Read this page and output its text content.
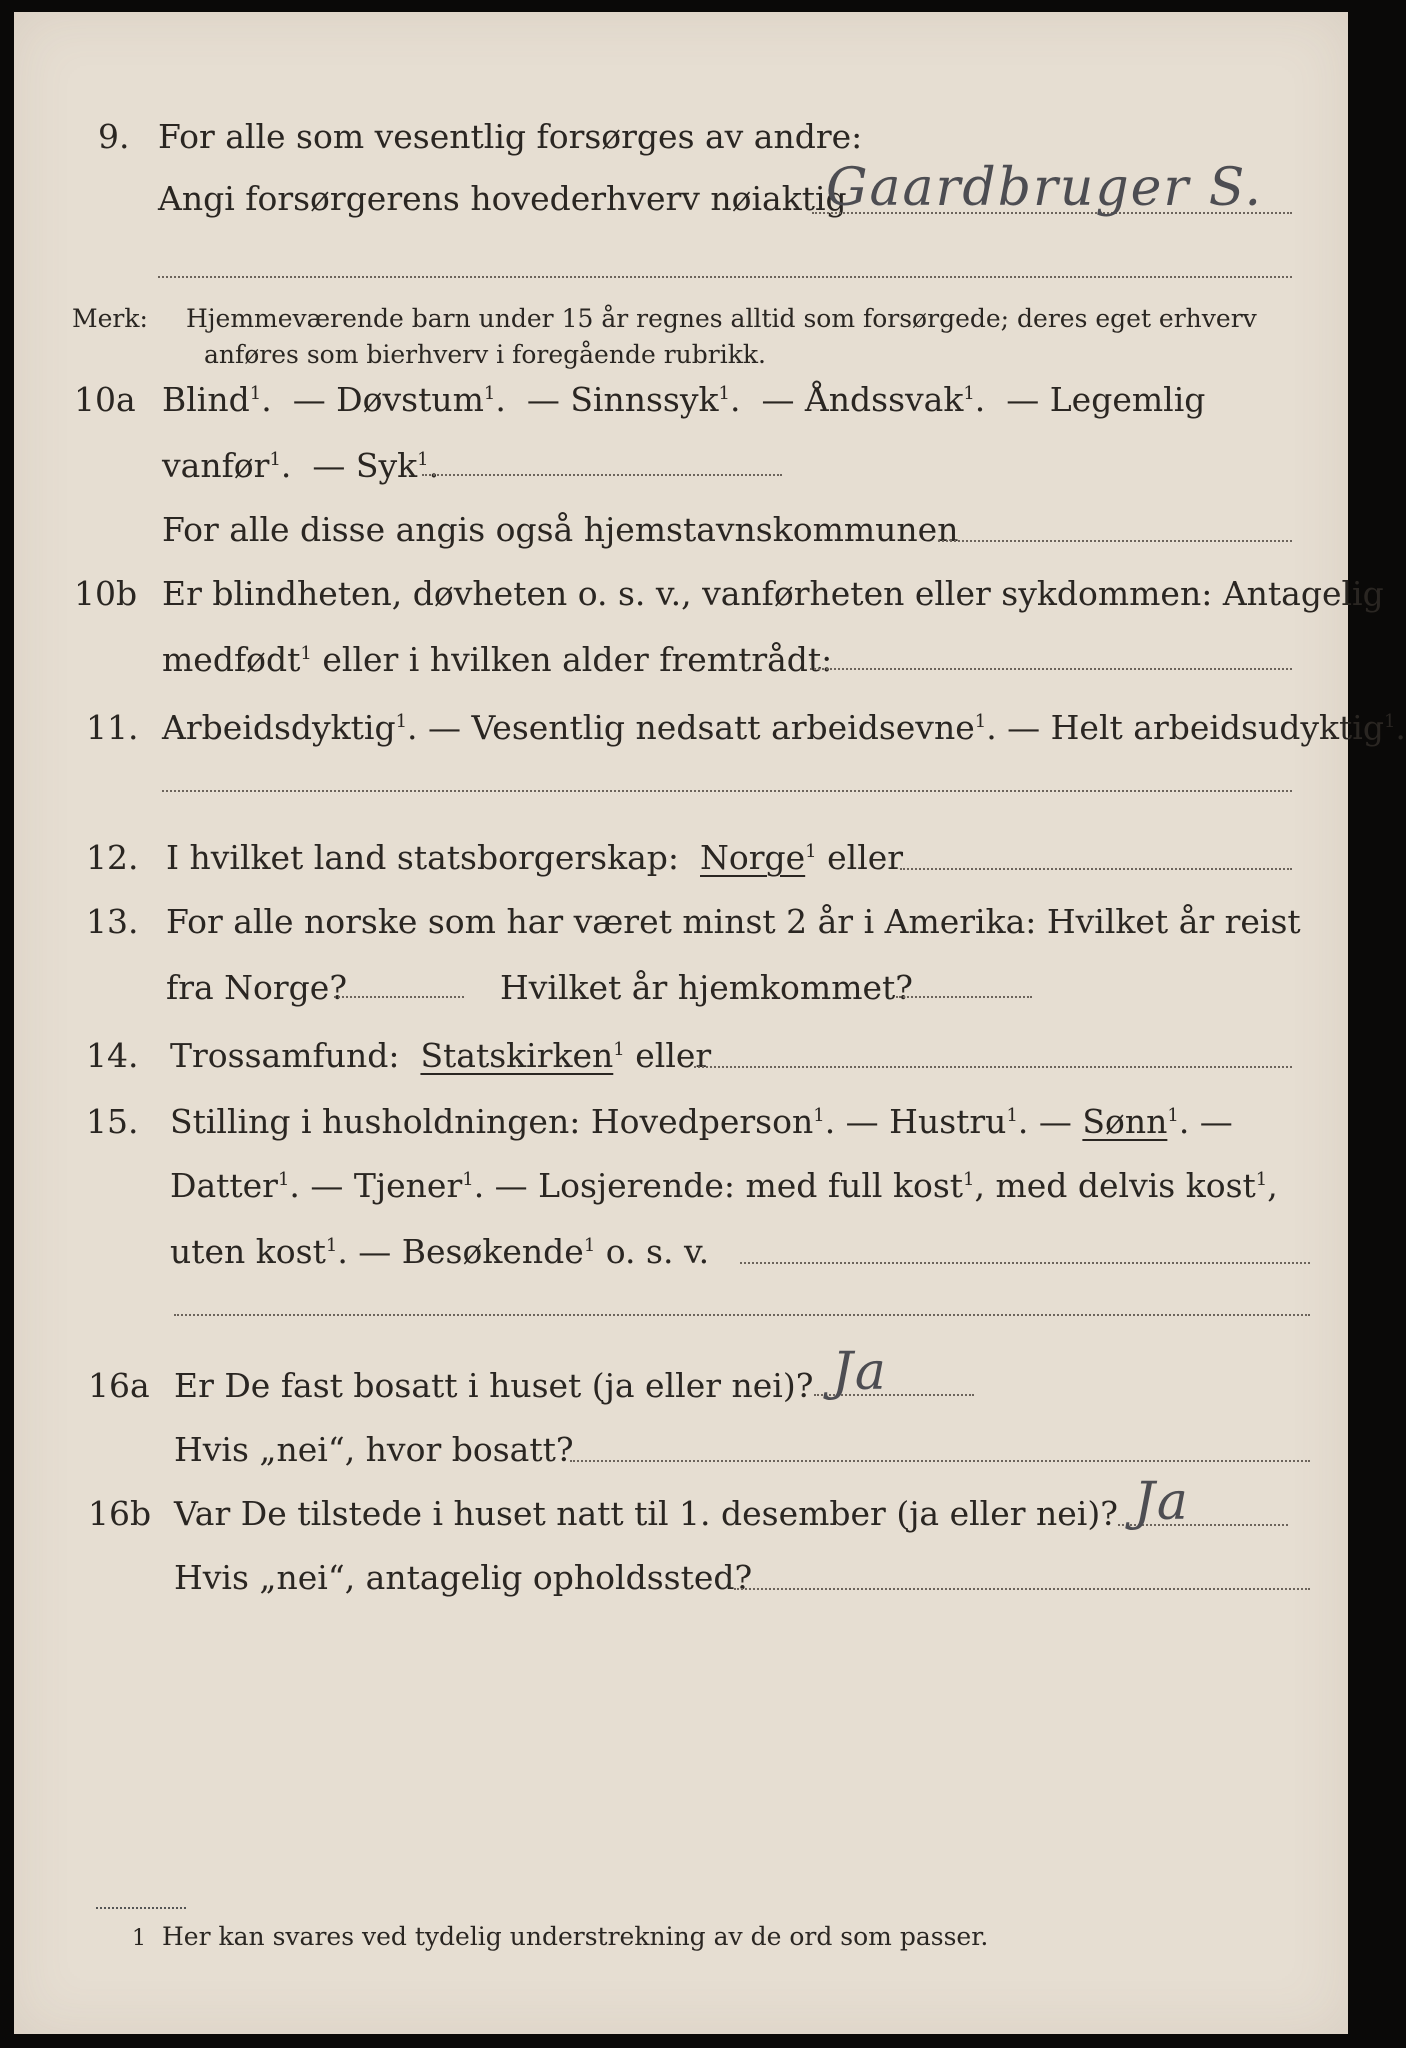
9. For alle som vesentlig forsørges av andre:
Angi forsørgerens hovederhverv nøiaktig
Gaardbruger S.
Merk: Hjemmeværende barn under 15 år regnes alltid som forsørgede; deres eget erhverv
anføres som bierhverv i foregående rubrikk.
10a Blind$^1$.  — Døvstum$^1$.  — Sinnssyk$^1$.  — Åndssvak$^1$.  — Legemlig
vanfør$^1$.  — Syk$^1$.
For alle disse angis også hjemstavnskommunen
10b Er blindheten, døvheten o. s. v., vanførheten eller sykdommen: Antagelig
medfødt$^1$ eller i hvilken alder fremtrådt:
11. Arbeidsdyktig$^1$. — Vesentlig nedsatt arbeidsevne$^1$. — Helt arbeidsudyktig$^1$.
12. I hvilket land statsborgerskap: Norge$^1$ eller
13. For alle norske som har været minst 2 år i Amerika: Hvilket år reist
fra Norge?	Hvilket år hjemkommet?
14. Trossamfund: Statskirken$^1$ eller
15. Stilling i husholdningen: Hovedperson$^1$. — Hustru$^1$. — Sønn$^1$. —
Datter$^1$. — Tjener$^1$. — Losjerende: med full kost$^1$, med delvis kost$^1$,
uten kost$^1$. — Besøkende$^1$ o. s. v.
16a Er De fast bosatt i huset (ja eller nei)? Ja
Hvis „nei“, hvor bosatt?
16b Var De tilstede i huset natt til 1. desember (ja eller nei)? Ja
Hvis „nei“, antagelig opholdssted?
1 Her kan svares ved tydelig understrekning av de ord som passer.
